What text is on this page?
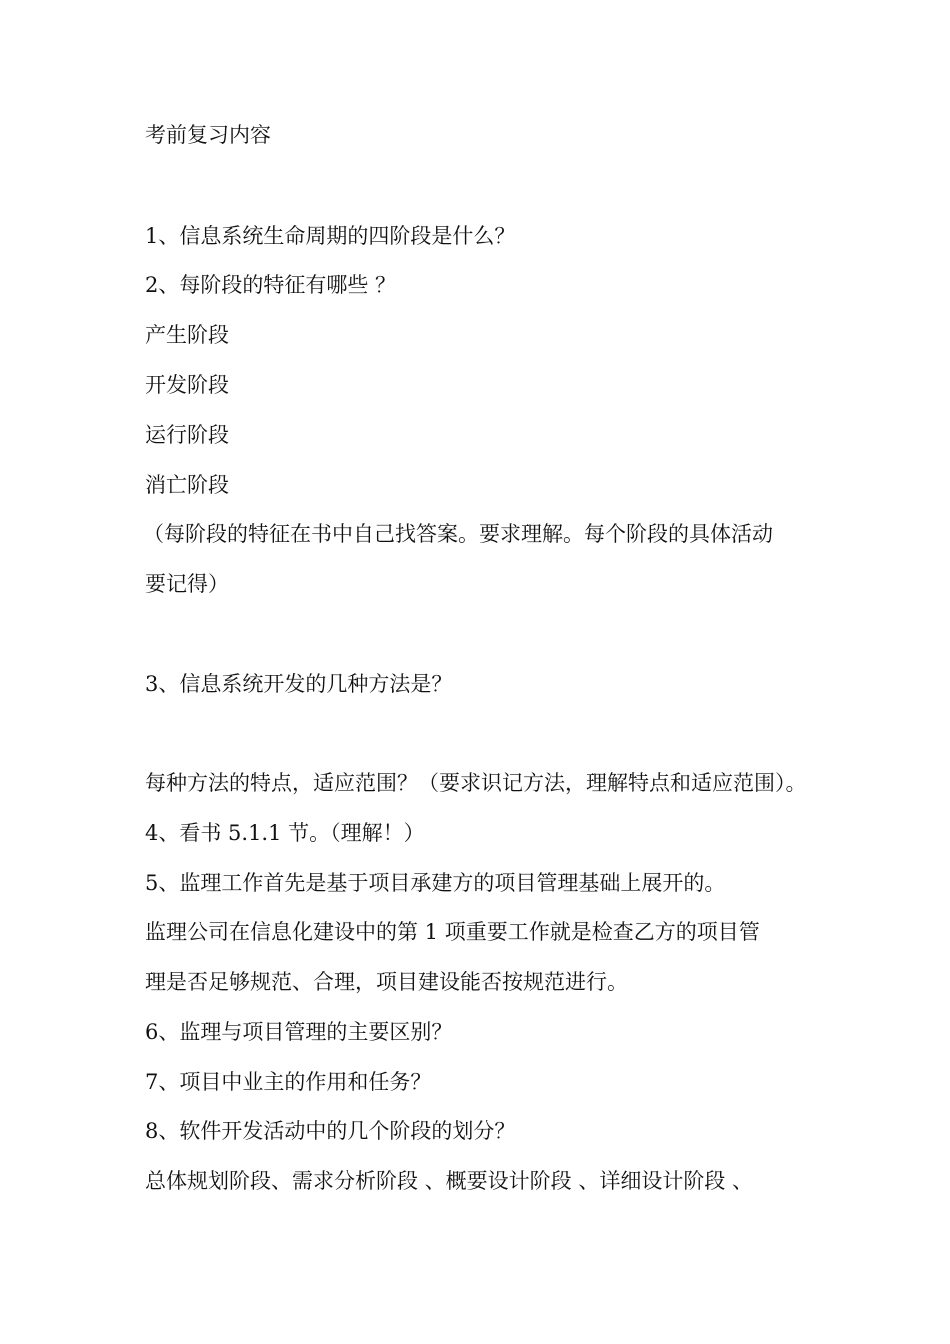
考前复习内容
1、信息系统生命周期的四阶段是什么？
2、每阶段的特征有哪些 ？
产生阶段
开发阶段
运行阶段
消亡阶段
（每阶段的特征在书中自己找答案。要求理解。每个阶段的具体活动
要记得）
3、信息系统开发的几种方法是？
每种方法的特点，适应范围？（要求识记方法，理解特点和适应范围）。
4、看书 5.1.1 节。（理解！）
5、监理工作首先是基于项目承建方的项目管理基础上展开的。
监理公司在信息化建设中的第 1 项重要工作就是检查乙方的项目管
理是否足够规范、合理，项目建设能否按规范进行。
6、监理与项目管理的主要区别？
7、项目中业主的作用和任务？
8、软件开发活动中的几个阶段的划分？
总体规划阶段、需求分析阶段 、概要设计阶段 、详细设计阶段 、
